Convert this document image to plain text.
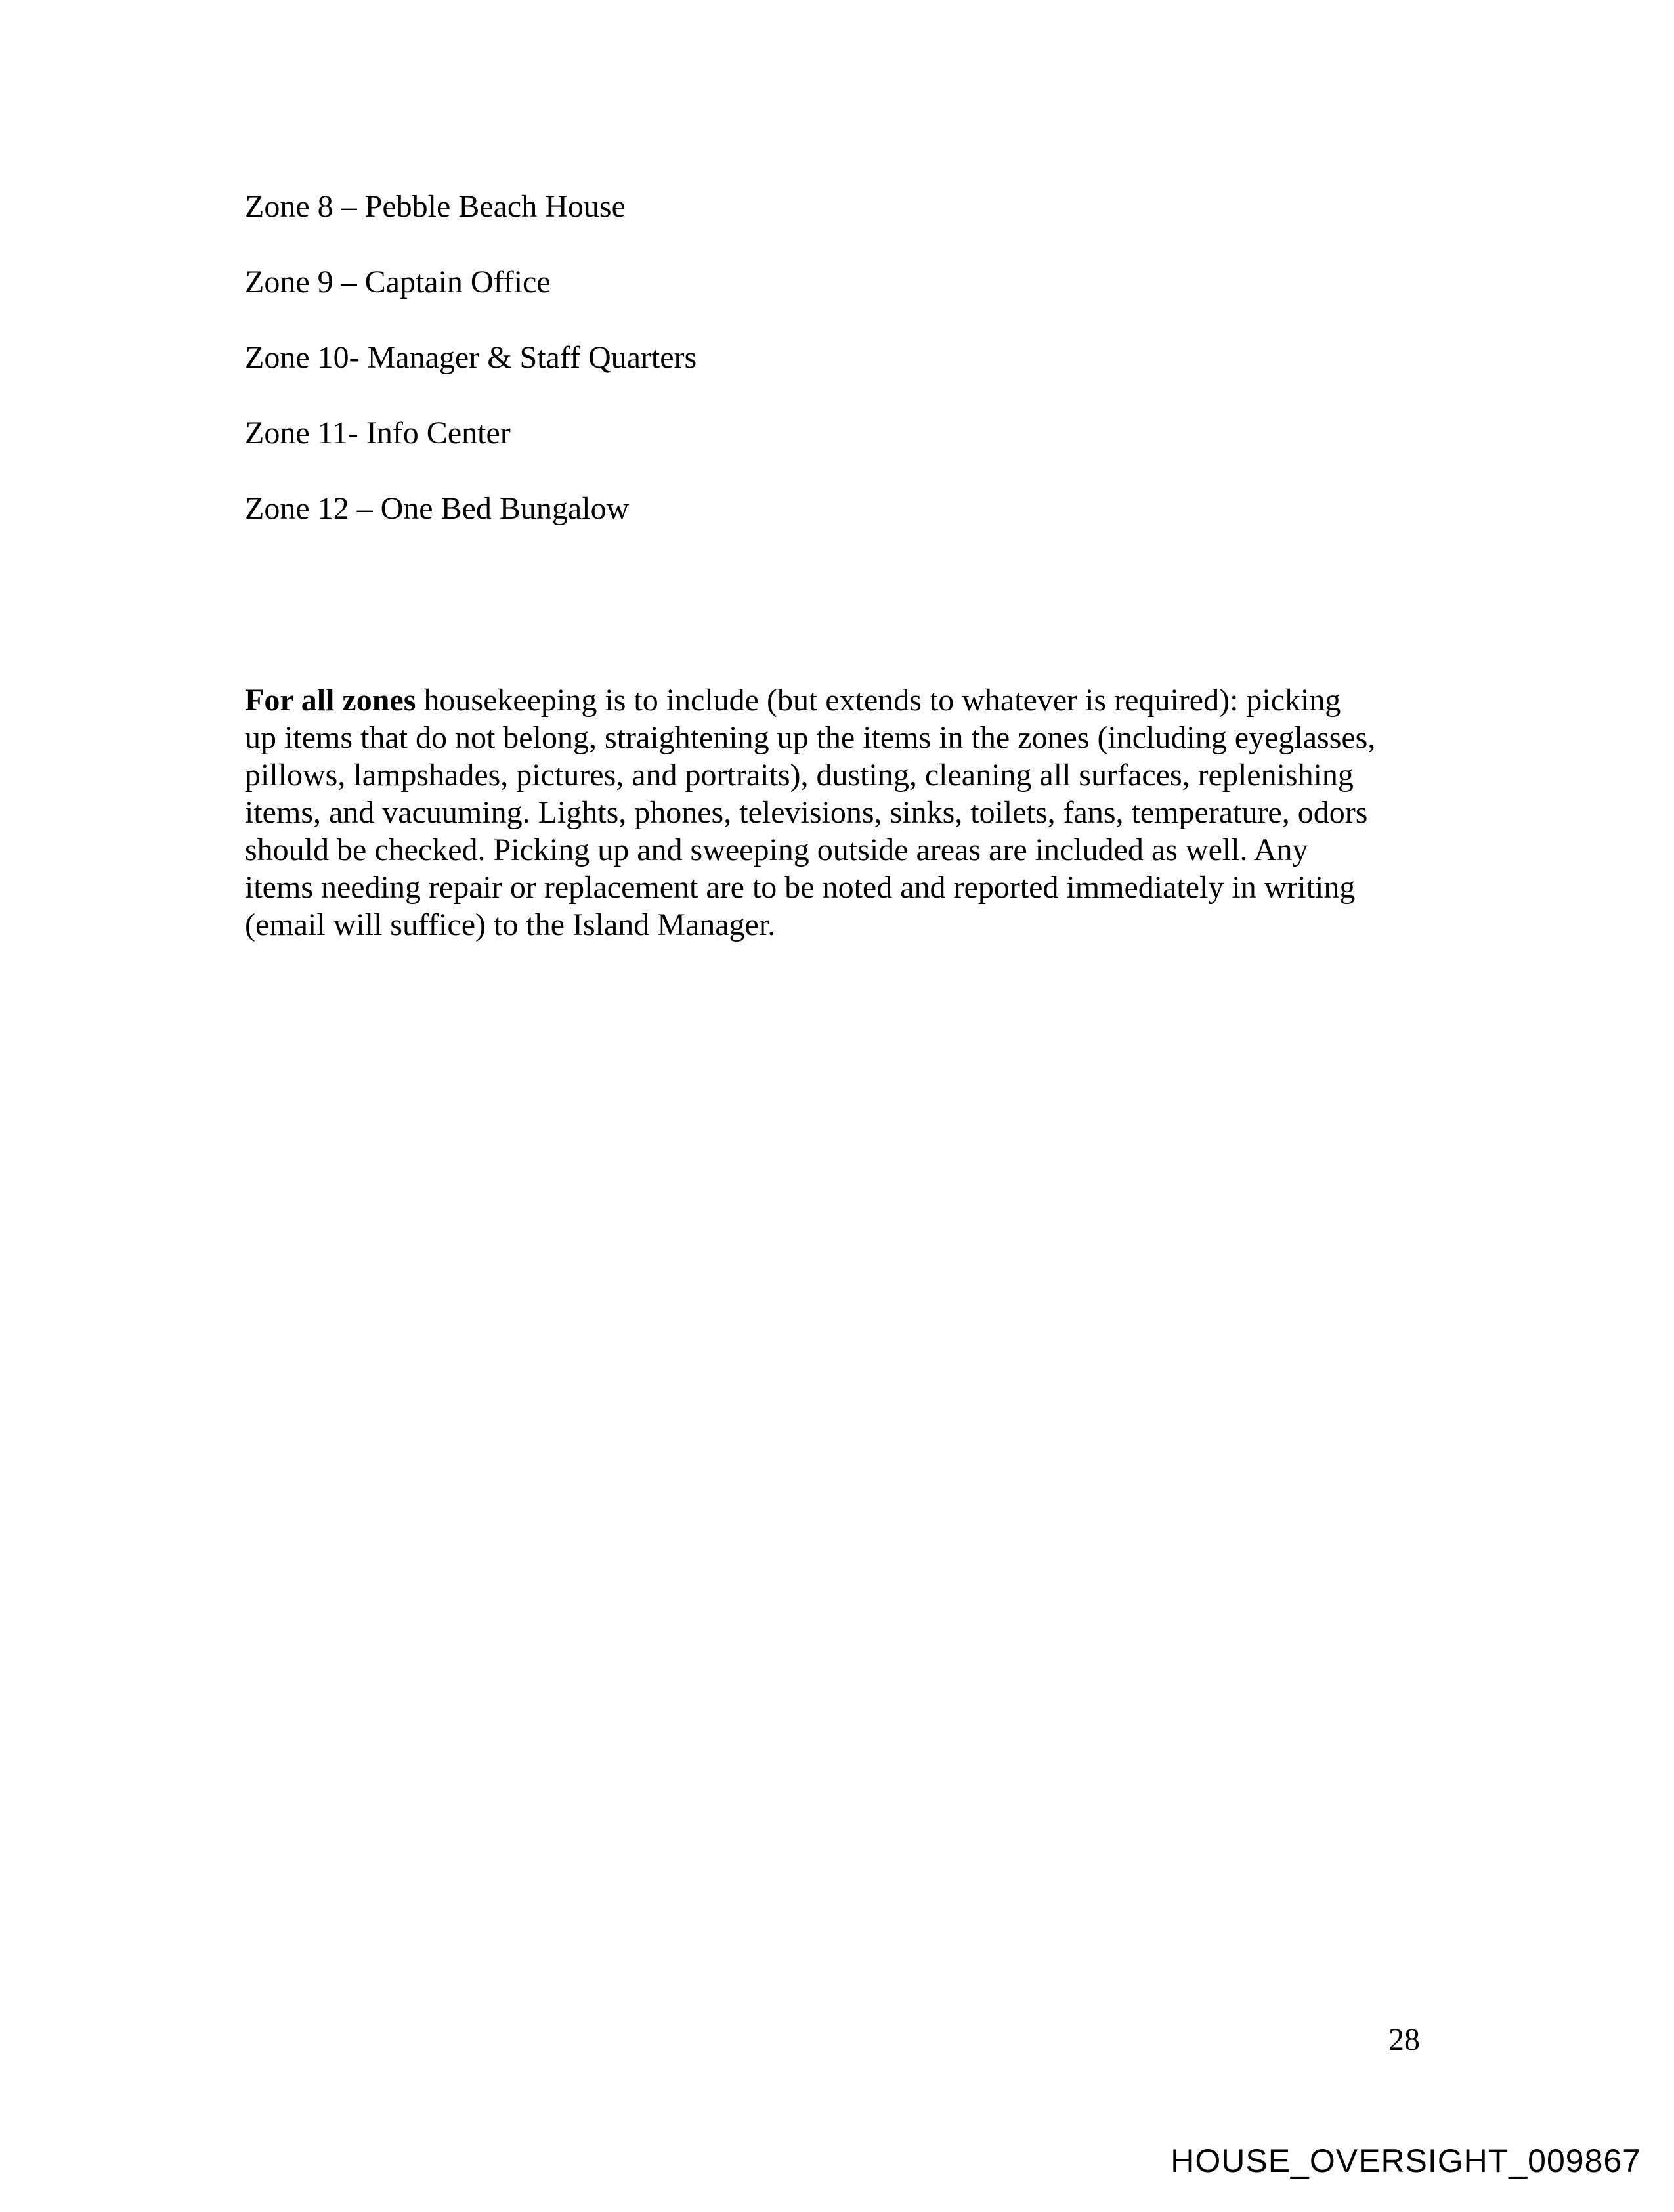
Zone 8 – Pebble Beach House
Zone 9 – Captain Office
Zone 10- Manager & Staff Quarters
Zone 11- Info Center
Zone 12 – One Bed Bungalow

For all zones housekeeping is to include (but extends to whatever is required): picking
up items that do not belong, straightening up the items in the zones (including eyeglasses,
pillows, lampshades, pictures, and portraits), dusting, cleaning all surfaces, replenishing
items, and vacuuming. Lights, phones, televisions, sinks, toilets, fans, temperature, odors
should be checked. Picking up and sweeping outside areas are included as well. Any
items needing repair or replacement are to be noted and reported immediately in writing
(email will suffice) to the Island Manager.

28

HOUSE_OVERSIGHT_009867
